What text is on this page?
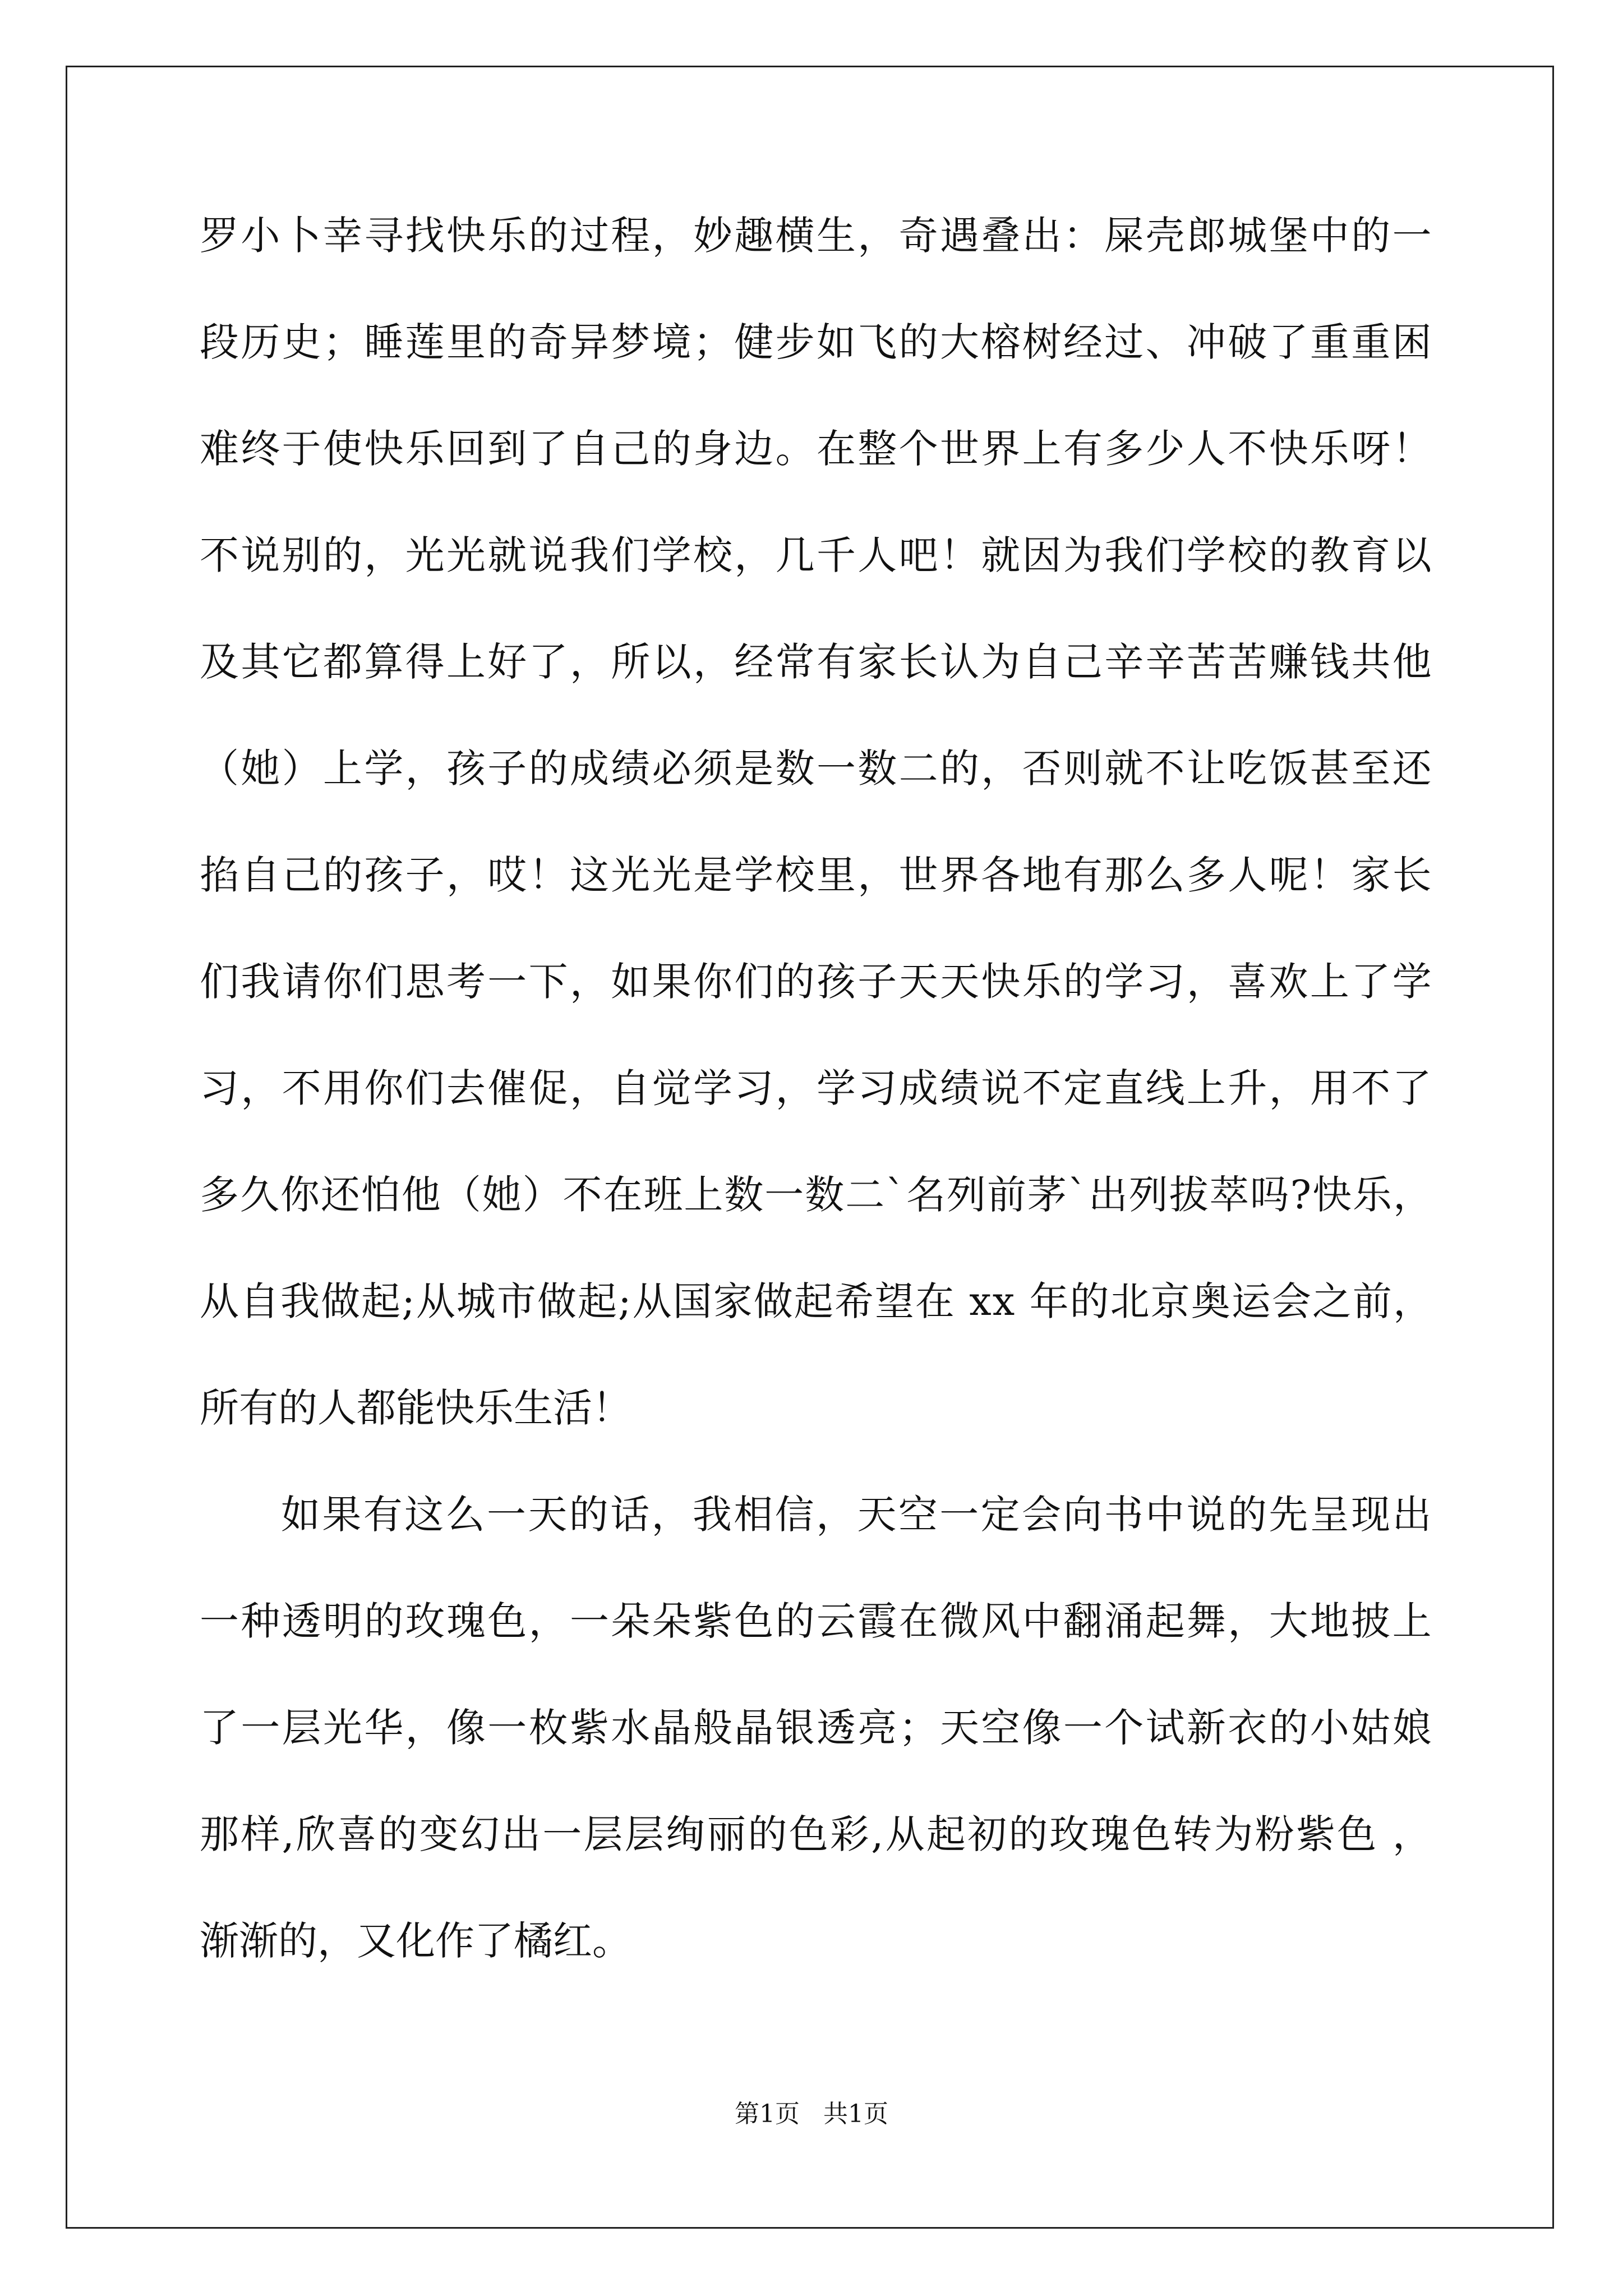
罗小卜幸寻找快乐的过程，妙趣横生，奇遇叠出：屎壳郎城堡中的一
段历史；睡莲里的奇异梦境；健步如飞的大榕树经过、冲破了重重困
难终于使快乐回到了自己的身边。在整个世界上有多少人不快乐呀！
不说别的，光光就说我们学校，几千人吧！就因为我们学校的教育以
及其它都算得上好了，所以，经常有家长认为自己辛辛苦苦赚钱共他
（她）上学，孩子的成绩必须是数一数二的，否则就不让吃饭甚至还
掐自己的孩子，哎！这光光是学校里，世界各地有那么多人呢！家长
们我请你们思考一下，如果你们的孩子天天快乐的学习，喜欢上了学
习，不用你们去催促，自觉学习，学习成绩说不定直线上升，用不了
多久你还怕他（她）不在班上数一数二`名列前茅`出列拔萃吗?快乐，
从自我做起;从城市做起;从国家做起希望在 xx 年的北京奥运会之前，
所有的人都能快乐生活！
如果有这么一天的话，我相信，天空一定会向书中说的先呈现出
一种透明的玫瑰色，一朵朵紫色的云霞在微风中翻涌起舞，大地披上
了一层光华，像一枚紫水晶般晶银透亮；天空像一个试新衣的小姑娘
那样,欣喜的变幻出一层层绚丽的色彩,从起初的玫瑰色转为粉紫色 ，
渐渐的，又化作了橘红。
第1页 共1页
